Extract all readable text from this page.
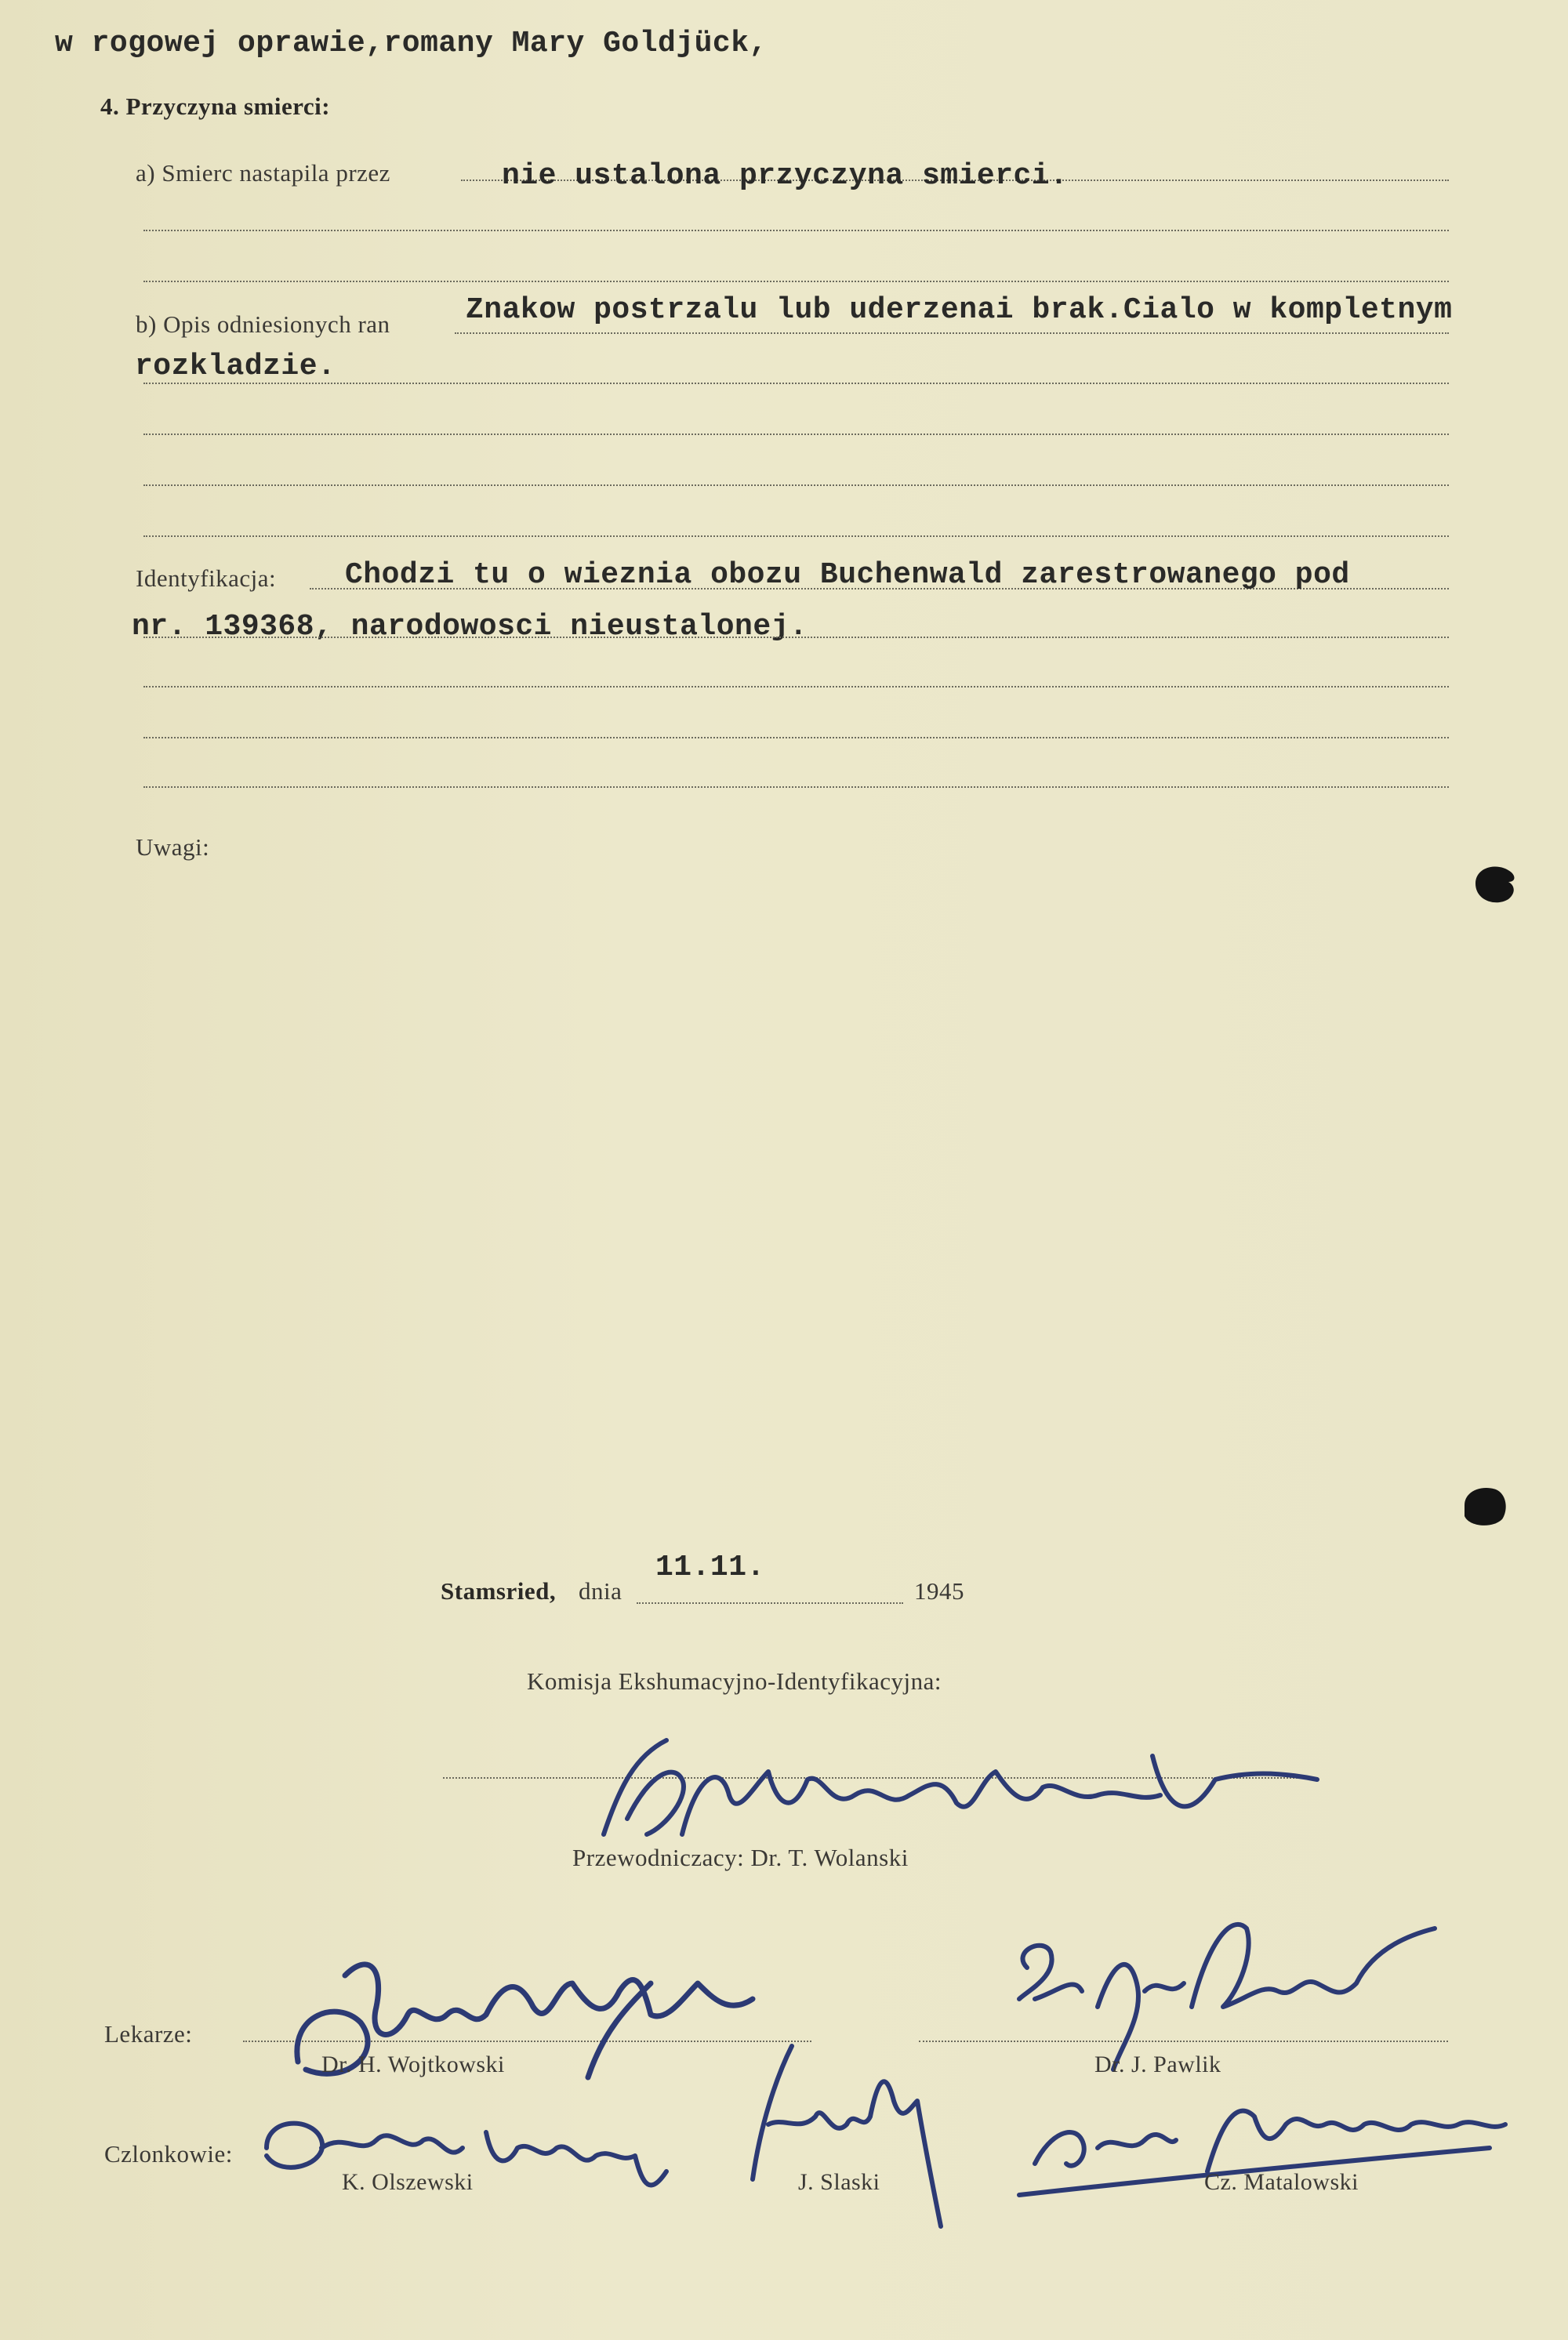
w rogowej oprawie,romany Mary Goldjück,
4. Przyczyna smierci:
a) Smierc nastapila przez	nie ustalona przyczyna smierci.
b) Opis odniesionych ran	Znakow postrzalu lub uderzenai brak.Cialo w kompletnym
rozkladzie.
Identyfikacja: Chodzi tu o wieznia obozu Buchenwald zarestrowanego pod
nr. 139368, narodowosci nieustalonej.
Uwagi:
Stamsried, dnia
11.11.
1945
Komisja Ekshumacyjno-Identyfikacyjna:
Przewodniczacy: Dr. T. Wolanski
Lekarze:
Dr. H. Wojtkowski	Dr. J. Pawlik
Czlonkowie:
K. Olszewski	J. Slaski	Cz. Matalowski
